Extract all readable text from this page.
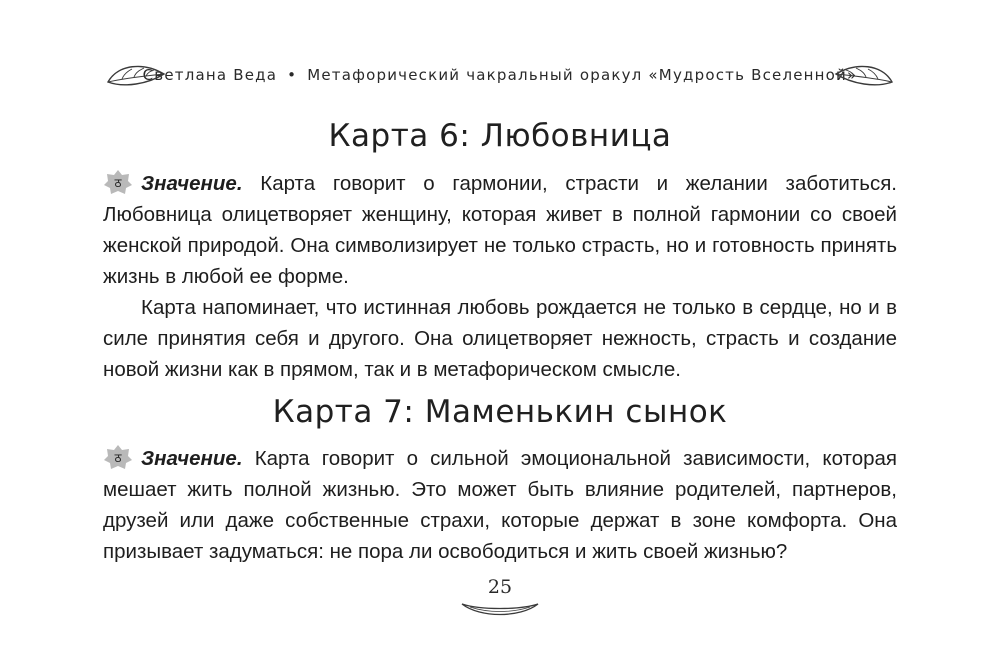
Светлана Веда • Метафорический чакральный оракул «Мудрость Вселенной»
Карта 6: Любовница

ठ Значение. Карта говорит о гармонии, страсти и желании заботиться. Любовница олицетворяет женщину, которая живет в полной гармонии со своей женской природой. Она символизирует не только страсть, но и готовность принять жизнь в любой ее форме.

Карта напоминает, что истинная любовь рождается не только в сердце, но и в силе принятия себя и другого. Она олицетворяет нежность, страсть и создание новой жизни как в прямом, так и в метафорическом смысле.

Карта 7: Маменькин сынок

ठ Значение. Карта говорит о сильной эмоциональной зависимости, которая мешает жить полной жизнью. Это может быть влияние родителей, партнеров, друзей или даже собственные страхи, которые держат в зоне комфорта. Она призывает задуматься: не пора ли освободиться и жить своей жизнью?

25
